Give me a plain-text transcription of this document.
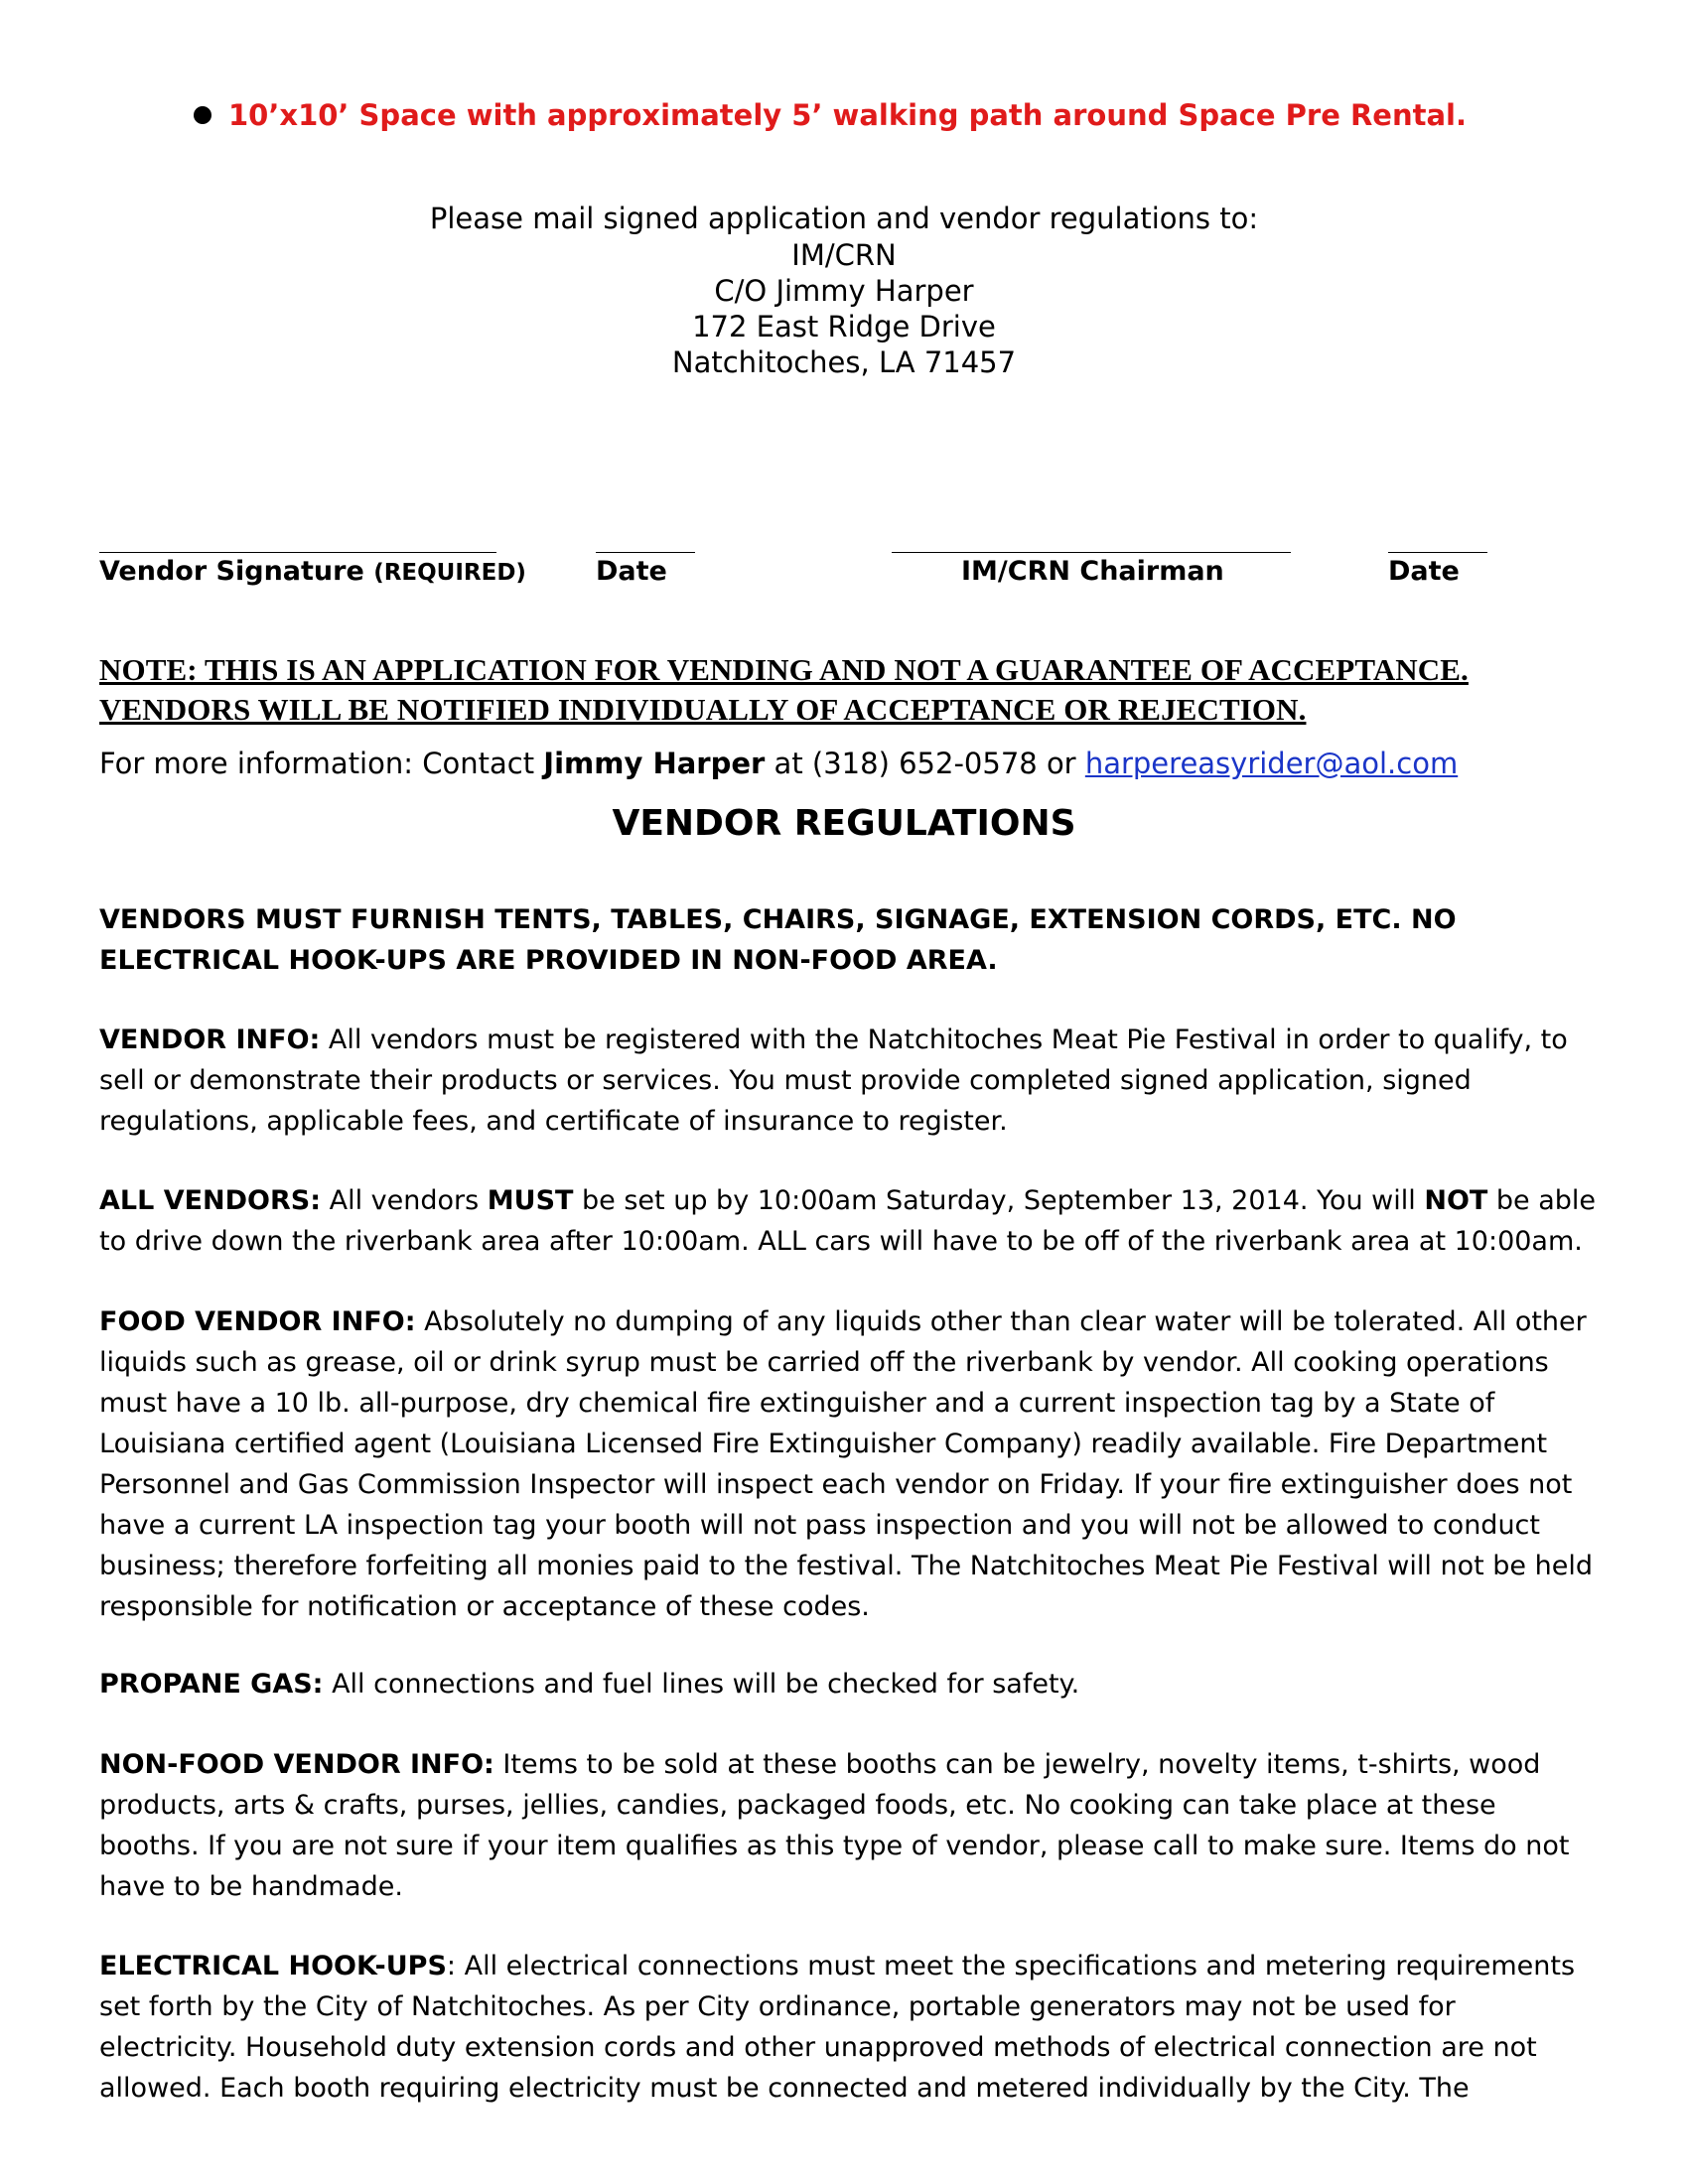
10’x10’ Space with approximately 5’ walking path around Space Pre Rental.
Please mail signed application and vendor regulations to:
IM/CRN
C/O Jimmy Harper
172 East Ridge Drive
Natchitoches, LA 71457
Vendor Signature (REQUIRED)	Date	IM/CRN Chairman	Date
NOTE: THIS IS AN APPLICATION FOR VENDING AND NOT A GUARANTEE OF ACCEPTANCE.
VENDORS WILL BE NOTIFIED INDIVIDUALLY OF ACCEPTANCE OR REJECTION.
For more information: Contact Jimmy Harper at (318) 652-0578 or harpereasyrider@aol.com
VENDOR REGULATIONS
VENDORS MUST FURNISH TENTS, TABLES, CHAIRS, SIGNAGE, EXTENSION CORDS, ETC. NO ELECTRICAL HOOK-UPS ARE PROVIDED IN NON-FOOD AREA.
VENDOR INFO: All vendors must be registered with the Natchitoches Meat Pie Festival in order to qualify, to sell or demonstrate their products or services. You must provide completed signed application, signed regulations, applicable fees, and certificate of insurance to register.
ALL VENDORS: All vendors MUST be set up by 10:00am Saturday, September 13, 2014. You will NOT be able to drive down the riverbank area after 10:00am. ALL cars will have to be off of the riverbank area at 10:00am.
FOOD VENDOR INFO: Absolutely no dumping of any liquids other than clear water will be tolerated. All other liquids such as grease, oil or drink syrup must be carried off the riverbank by vendor. All cooking operations must have a 10 lb. all-purpose, dry chemical fire extinguisher and a current inspection tag by a State of Louisiana certified agent (Louisiana Licensed Fire Extinguisher Company) readily available. Fire Department Personnel and Gas Commission Inspector will inspect each vendor on Friday. If your fire extinguisher does not have a current LA inspection tag your booth will not pass inspection and you will not be allowed to conduct business; therefore forfeiting all monies paid to the festival. The Natchitoches Meat Pie Festival will not be held responsible for notification or acceptance of these codes.
PROPANE GAS: All connections and fuel lines will be checked for safety.
NON-FOOD VENDOR INFO: Items to be sold at these booths can be jewelry, novelty items, t-shirts, wood products, arts & crafts, purses, jellies, candies, packaged foods, etc. No cooking can take place at these booths. If you are not sure if your item qualifies as this type of vendor, please call to make sure. Items do not have to be handmade.
ELECTRICAL HOOK-UPS: All electrical connections must meet the specifications and metering requirements set forth by the City of Natchitoches. As per City ordinance, portable generators may not be used for electricity. Household duty extension cords and other unapproved methods of electrical connection are not allowed. Each booth requiring electricity must be connected and metered individually by the City. The
